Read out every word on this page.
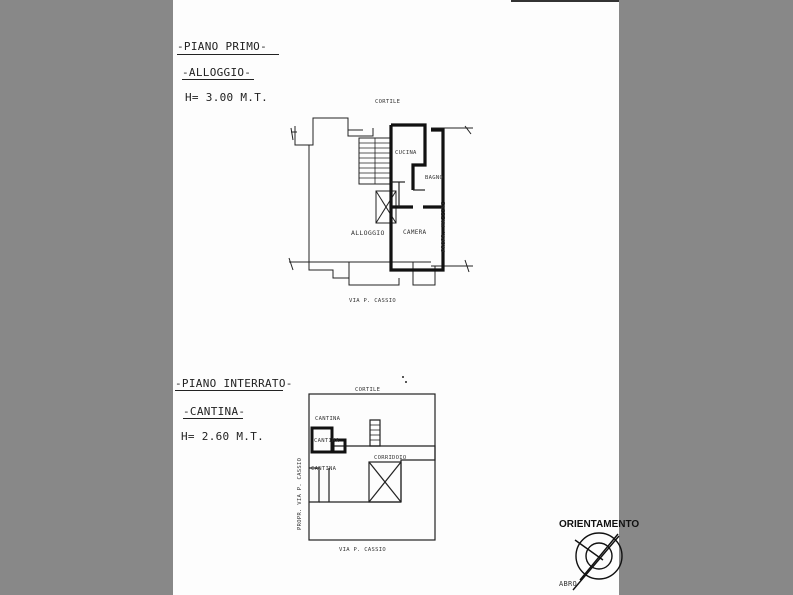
-PIANO PRIMO-
-ALLOGGIO-
H= 3.00 M.T.
-PIANO INTERRATO-
-CANTINA-
H= 2.60 M.T.
CORTILE
CUCINA
BAGNO
ALLOGGIO	CAMERA	PROPR. MAZZINI
VIA P. CASSIO
CORTILE
CANTINA
CANTINA
CANTINA
CORRIDOIO
PROPR. VIA P. CASSIO
VIA P. CASSIO
ORIENTAMENTO
ABRO
